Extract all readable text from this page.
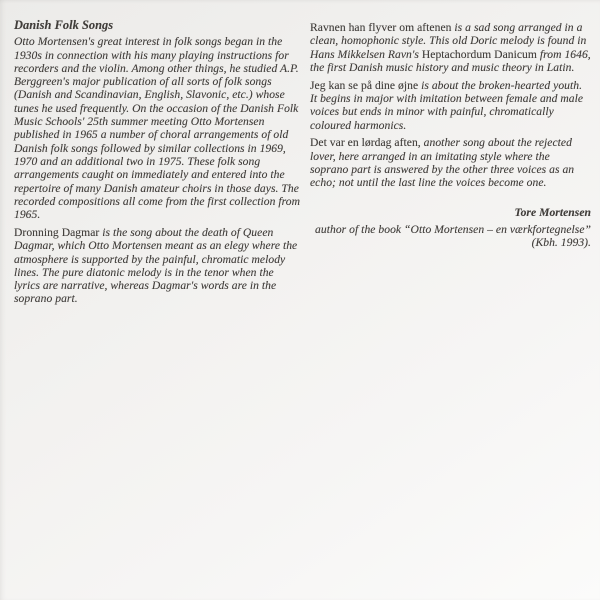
Danish Folk Songs

Otto Mortensen's great interest in folk songs began in the 1930s in connection with his many playing instructions for recorders and the violin. Among other things, he studied A.P. Berggreen's major publication of all sorts of folk songs (Danish and Scandinavian, English, Slavonic, etc.) whose tunes he used frequently. On the occasion of the Danish Folk Music Schools' 25th summer meeting Otto Mortensen published in 1965 a number of choral arrangements of old Danish folk songs followed by similar collections in 1969, 1970 and an additional two in 1975. These folk song arrangements caught on immediately and entered into the repertoire of many Danish amateur choirs in those days. The recorded compositions all come from the first collection from 1965.

Dronning Dagmar is the song about the death of Queen Dagmar, which Otto Mortensen meant as an elegy where the atmosphere is supported by the painful, chromatic melody lines. The pure diatonic melody is in the tenor when the lyrics are narrative, whereas Dagmar's words are in the soprano part.

Ravnen han flyver om aftenen is a sad song arranged in a clean, homophonic style. This old Doric melody is found in Hans Mikkelsen Ravn's Heptachordum Danicum from 1646, the first Danish music history and music theory in Latin.

Jeg kan se på dine øjne is about the broken-hearted youth. It begins in major with imitation between female and male voices but ends in minor with painful, chromatically coloured harmonics.

Det var en lørdag aften, another song about the rejected lover, here arranged in an imitating style where the soprano part is answered by the other three voices as an echo; not until the last line the voices become one.

Tore Mortensen
author of the book “Otto Mortensen – en værkfortegnelse”
(Kbh. 1993).
